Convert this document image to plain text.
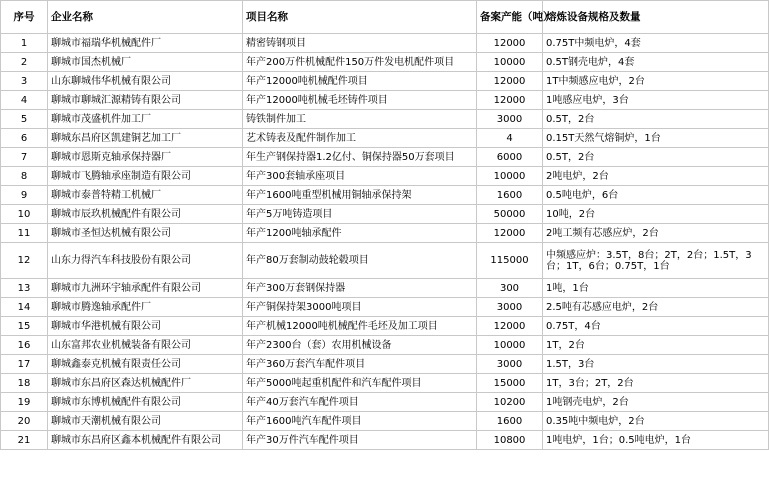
序号	企业名称	项目名称	备案产能（吨）	熔炼设备规格及数量
1	聊城市福瑞华机械配件厂	精密铸钢项目	12000	0.75T中频电炉，4套
2	聊城市国杰机械厂	年产200万件机械配件150万件发电机配件项目	10000	0.5T钢壳电炉，4套
3	山东聊城伟华机械有限公司	年产12000吨机械配件项目	12000	1T中频感应电炉，2台
4	聊城市聊城汇源精铸有限公司	年产12000吨机械毛坯铸件项目	12000	1吨感应电炉，3台
5	聊城市茂盛机件加工厂	铸铁制件加工	3000	0.5T，2台
6	聊城东昌府区凯建铜艺加工厂	艺术铸表及配件制作加工	4	0.15T天然气熔铜炉，1台
7	聊城市恩斯克轴承保持器厂	年生产钢保持器1.2亿付、铜保持器50万套项目	6000	0.5T，2台
8	聊城市飞腾轴承座制造有限公司	年产300套轴承座项目	10000	2吨电炉，2台
9	聊城市泰普特精工机械厂	年产1600吨重型机械用铜轴承保持架	1600	0.5吨电炉，6台
10	聊城市辰玖机械配件有限公司	年产5万吨铸造项目	50000	10吨，2台
11	聊城市圣恒达机械有限公司	年产1200吨轴承配件	12000	2吨工频有芯感应炉，2台
12	山东力得汽车科技股份有限公司	年产80万套制动鼓轮毂项目	115000	中频感应炉：3.5T，8台；2T，2台；1.5T，3
台；1T，6台；0.75T，1台

13	聊城市九洲环宇轴承配件有限公司	年产300万套钢保持器	300	1吨，1台
14	聊城市腾逸轴承配件厂	年产铜保持架3000吨项目	3000	2.5吨有芯感应电炉，2台
15	聊城市华港机械有限公司	年产机械12000吨机械配件毛坯及加工项目	12000	0.75T，4台
16	山东富邦农业机械装备有限公司	年产2300台（套）农用机械设备	10000	1T，2台
17	聊城鑫泰克机械有限责任公司	年产360万套汽车配件项目	3000	1.5T，3台
18	聊城市东昌府区森达机械配件厂	年产5000吨起重机配件和汽车配件项目	15000	1T，3台；2T，2台
19	聊城市东博机械配件有限公司	年产40万套汽车配件项目	10200	1吨钢壳电炉，2台
20	聊城市天潮机械有限公司	年产1600吨汽车配件项目	1600	0.35吨中频电炉，2台
21	聊城市东昌府区鑫本机械配件有限公司	年产30万件汽车配件项目	10800	1吨电炉，1台；0.5吨电炉，1台
